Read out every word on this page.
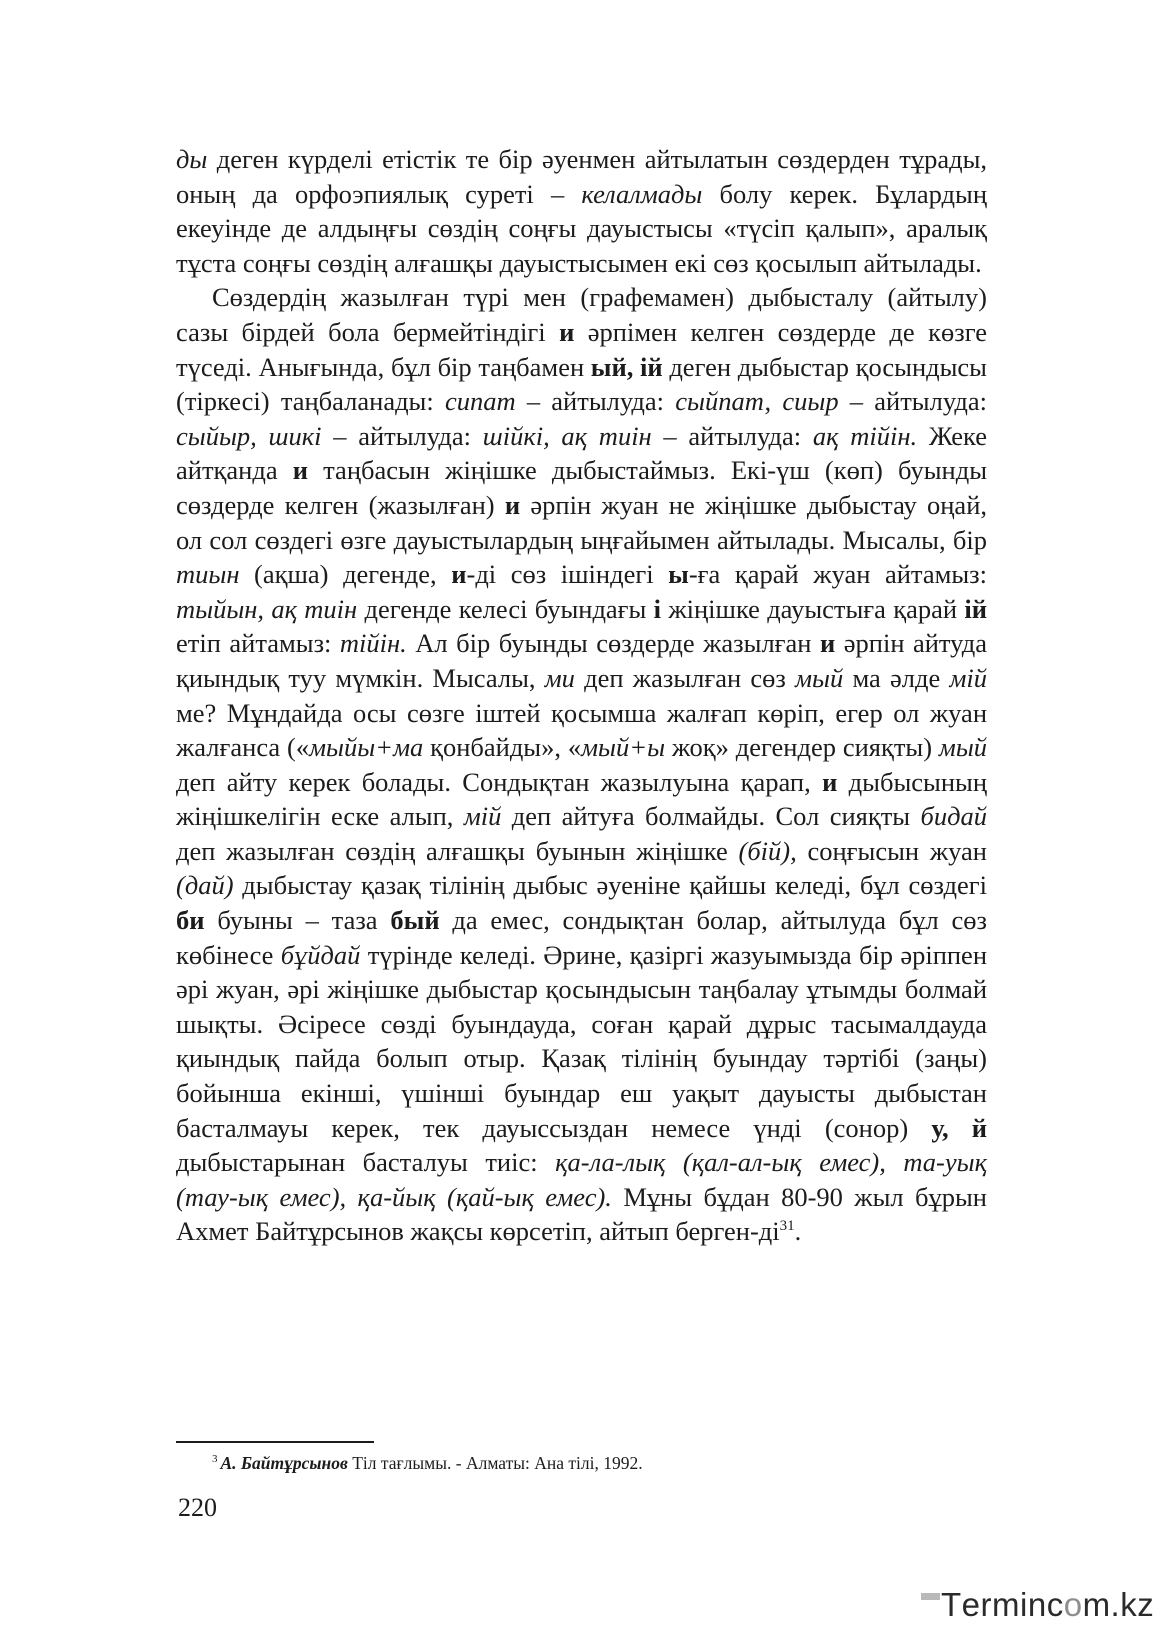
ды деген күрделі етістік те бір әуенмен айтылатын сөздерден тұрады, оның да орфоэпиялық суреті – келалмады болу керек. Бұлардың екеуінде де алдыңғы сөздің соңғы дауыстысы «түсіп қалып», аралық тұста соңғы сөздің алғашқы дауыстысымен екі сөз қосылып айтылады.

Сөздердің жазылған түрі мен (графемамен) дыбысталу (айтылу) сазы бірдей бола бермейтіндігі и әрпімен келген сөздерде де көзге түседі. Анығында, бұл бір таңбамен ый, ій деген дыбыстар қосындысы (тіркесі) таңбаланады: сипат – айтылуда: сыйпат, сиыр – айтылуда: сыйыр, шикі – айтылуда: шійкі, ақ тиін – айтылуда: ақ тійін. Жеке айтқанда и таңбасын жіңішке дыбыстаймыз. Екі-үш (көп) буынды сөздерде келген (жазылған) и әрпін жуан не жіңішке дыбыстау оңай, ол сол сөздегі өзге дауыстылардың ыңғайымен айтылады. Мысалы, бір тиын (ақша) дегенде, и-ді сөз ішіндегі ы-ға қарай жуан айтамыз: тыйын, ақ тиін дегенде келесі буындағы і жіңішке дауыстыға қарай ій етіп айтамыз: тійін. Ал бір буынды сөздерде жазылған и әрпін айтуда қиындық туу мүмкін. Мысалы, ми деп жазылған сөз мый ма әлде мій ме? Мұндайда осы сөзге іштей қосымша жалғап көріп, егер ол жуан жалғанса («мыйы+ма қонбайды», «мый+ы жоқ» дегендер сияқты) мый деп айту керек болады. Сондықтан жазылуына қарап, и дыбысының жіңішкелігін еске алып, мій деп айтуға болмайды. Сол сияқты бидай деп жазылған сөздің алғашқы буынын жіңішке (бій), соңғысын жуан (дай) дыбыстау қазақ тілінің дыбыс әуеніне қайшы келеді, бұл сөздегі би буыны – таза бый да емес, сондықтан болар, айтылуда бұл сөз көбінесе бұйдай түрінде келеді. Әрине, қазіргі жазуымызда бір әріппен әрі жуан, әрі жіңішке дыбыстар қосындысын таңбалау ұтымды болмай шықты. Әсіресе сөзді буындауда, соған қарай дұрыс тасымалдауда қиындық пайда болып отыр. Қазақ тілінің буындау тәртібі (заңы) бойынша екінші, үшінші буындар еш уақыт дауысты дыбыстан басталмауы керек, тек дауыссыздан немесе үнді (сонор) у, й дыбыстарынан басталуы тиіс: қа-ла-лық (қал-ал-ық емес), та-уық (тау-ық емес), қа-йық (қай-ық емес). Мұны бұдан 80-90 жыл бұрын Ахмет Байтұрсынов жақсы көрсетіп, айтып берген-ді$^{31}$.

$^3$ А. Байтұрсынов Тіл тағлымы. - Алматы: Ана тілі, 1992.
220
Termincom.kz
